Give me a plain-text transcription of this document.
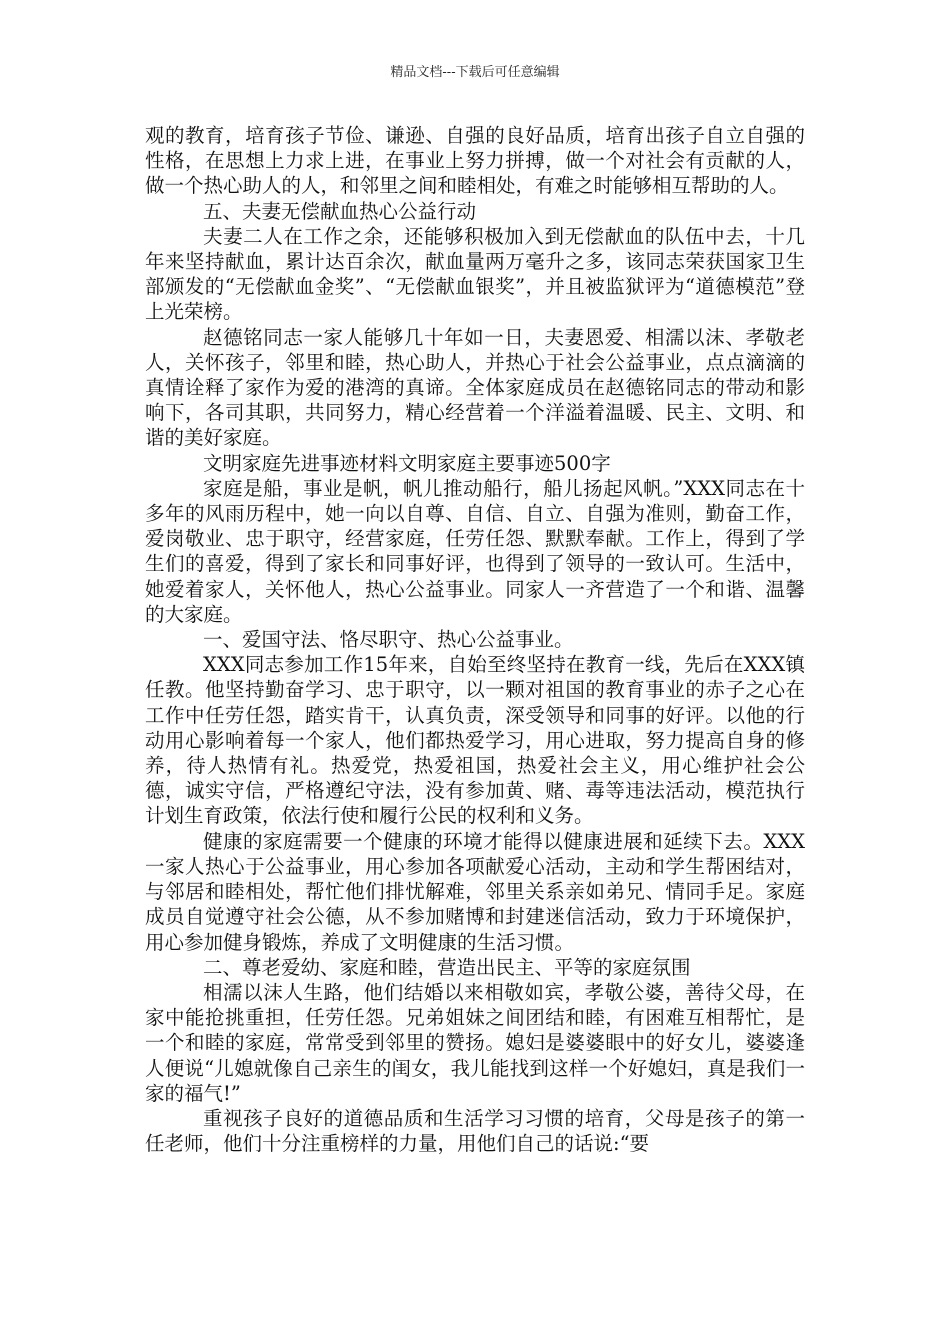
精品文档---下载后可任意编辑

观的教育，培育孩子节俭、谦逊、自强的良好品质，培育出孩子自立自强的性格，在思想上力求上进，在事业上努力拼搏，做一个对社会有贡献的人，做一个热心助人的人，和邻里之间和睦相处，有难之时能够相互帮助的人。

五、夫妻无偿献血热心公益行动

夫妻二人在工作之余，还能够积极加入到无偿献血的队伍中去，十几年来坚持献血，累计达百余次，献血量两万毫升之多，该同志荣获国家卫生部颁发的“无偿献血金奖”、“无偿献血银奖”，并且被监狱评为“道德模范”登上光荣榜。

赵德铭同志一家人能够几十年如一日，夫妻恩爱、相濡以沫、孝敬老人，关怀孩子，邻里和睦，热心助人，并热心于社会公益事业，点点滴滴的真情诠释了家作为爱的港湾的真谛。全体家庭成员在赵德铭同志的带动和影响下，各司其职，共同努力，精心经营着一个洋溢着温暖、民主、文明、和谐的美好家庭。

文明家庭先进事迹材料文明家庭主要事迹500字

家庭是船，事业是帆，帆儿推动船行，船儿扬起风帆。”XXX同志在十多年的风雨历程中，她一向以自尊、自信、自立、自强为准则，勤奋工作，爱岗敬业、忠于职守，经营家庭，任劳任怨、默默奉献。工作上，得到了学生们的喜爱，得到了家长和同事好评，也得到了领导的一致认可。生活中，她爱着家人，关怀他人，热心公益事业。同家人一齐营造了一个和谐、温馨的大家庭。

一、爱国守法、恪尽职守、热心公益事业。

XXX同志参加工作15年来，自始至终坚持在教育一线，先后在XXX镇任教。他坚持勤奋学习、忠于职守，以一颗对祖国的教育事业的赤子之心在工作中任劳任怨，踏实肯干，认真负责，深受领导和同事的好评。以他的行动用心影响着每一个家人，他们都热爱学习，用心进取，努力提高自身的修养，待人热情有礼。热爱党，热爱祖国，热爱社会主义，用心维护社会公德，诚实守信，严格遵纪守法，没有参加黄、赌、毒等违法活动，模范执行计划生育政策，依法行使和履行公民的权利和义务。

健康的家庭需要一个健康的环境才能得以健康进展和延续下去。XXX一家人热心于公益事业，用心参加各项献爱心活动，主动和学生帮困结对，与邻居和睦相处，帮忙他们排忧解难，邻里关系亲如弟兄、情同手足。家庭成员自觉遵守社会公德，从不参加赌博和封建迷信活动，致力于环境保护，用心参加健身锻炼，养成了文明健康的生活习惯。

二、尊老爱幼、家庭和睦，营造出民主、平等的家庭氛围

相濡以沫人生路，他们结婚以来相敬如宾，孝敬公婆，善待父母，在家中能抢挑重担，任劳任怨。兄弟姐妹之间团结和睦，有困难互相帮忙，是一个和睦的家庭，常常受到邻里的赞扬。媳妇是婆婆眼中的好女儿，婆婆逢人便说“儿媳就像自己亲生的闺女，我儿能找到这样一个好媳妇，真是我们一家的福气!”

重视孩子良好的道德品质和生活学习习惯的培育，父母是孩子的第一任老师，他们十分注重榜样的力量，用他们自己的话说:“要
